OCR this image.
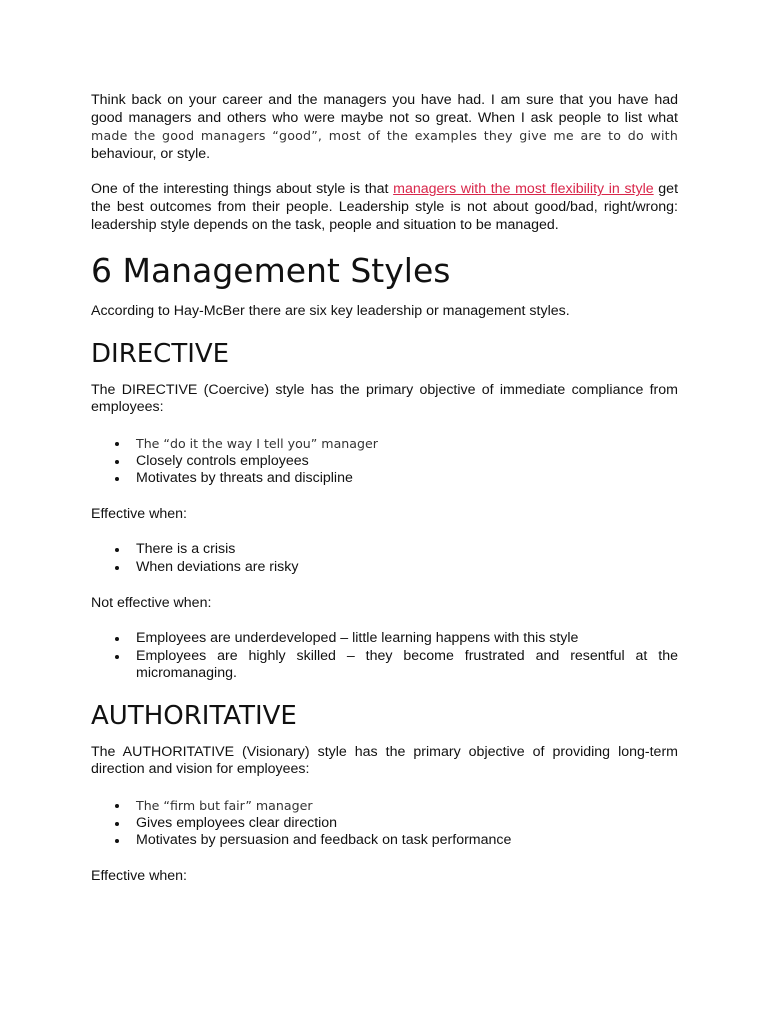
Think back on your career and the managers you have had. I am sure that you have had good managers and others who were maybe not so great. When I ask people to list what made the good managers “good”, most of the examples they give me are to do with behaviour, or style.

One of the interesting things about style is that managers with the most flexibility in style get the best outcomes from their people. Leadership style is not about good/bad, right/wrong: leadership style depends on the task, people and situation to be managed.

6 Management Styles

According to Hay-McBer there are six key leadership or management styles.

DIRECTIVE

The DIRECTIVE (Coercive) style has the primary objective of immediate compliance from employees:

The “do it the way I tell you” manager
Closely controls employees
Motivates by threats and discipline

Effective when:

There is a crisis
When deviations are risky

Not effective when:

Employees are underdeveloped – little learning happens with this style
Employees are highly skilled – they become frustrated and resentful at the micromanaging.
AUTHORITATIVE

The AUTHORITATIVE (Visionary) style has the primary objective of providing long-term direction and vision for employees:

The “firm but fair” manager
Gives employees clear direction
Motivates by persuasion and feedback on task performance

Effective when:
